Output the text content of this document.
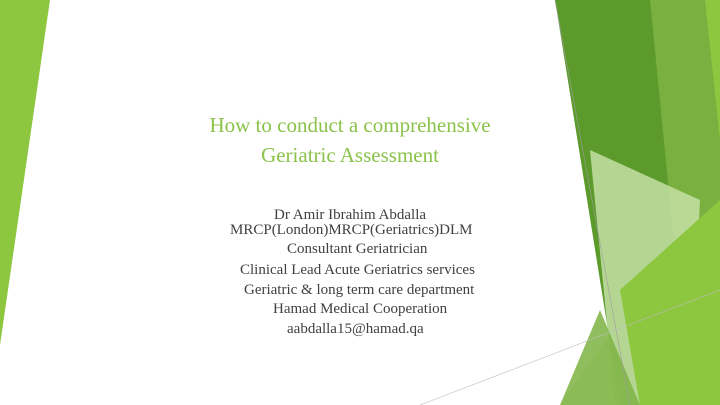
How to conduct a comprehensive
Geriatric Assessment
Dr Amir Ibrahim Abdalla
MRCP(London)MRCP(Geriatrics)DLM
Consultant Geriatrician
Clinical Lead Acute Geriatrics services
Geriatric & long term care department
Hamad Medical Cooperation
aabdalla15@hamad.qa
